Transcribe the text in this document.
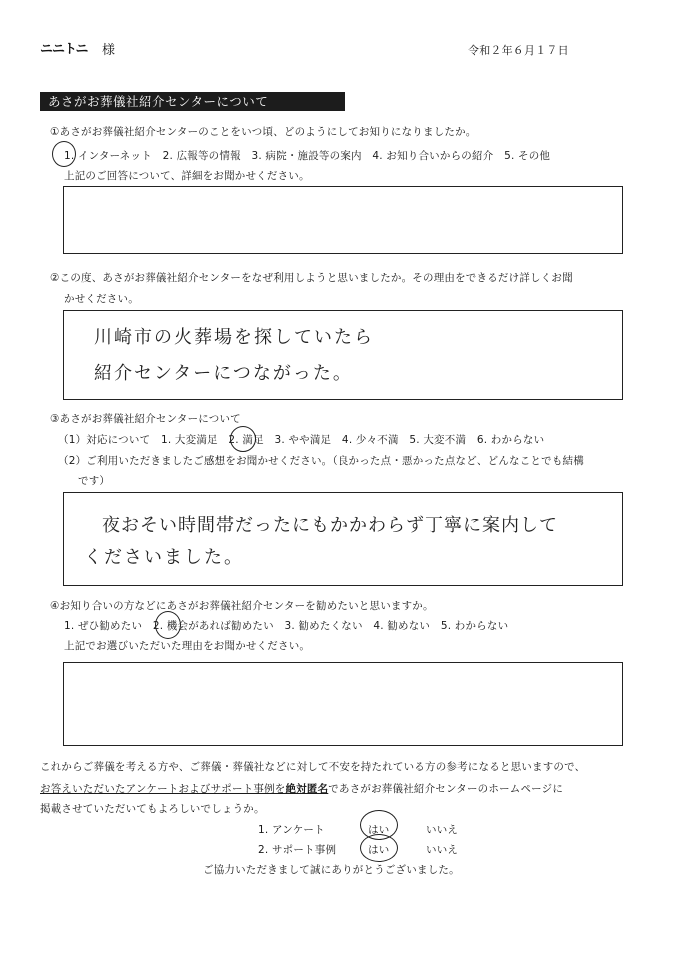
ニニトニ 様	令和２年６月１７日
あさがお葬儀社紹介センターについて
①あさがお葬儀社紹介センターのことをいつ頃、どのようにしてお知りになりましたか。
1. インターネット　2. 広報等の情報　3. 病院・施設等の案内　4. お知り合いからの紹介　5. その他
上記のご回答について、詳細をお聞かせください。
②この度、あさがお葬儀社紹介センターをなぜ利用しようと思いましたか。その理由をできるだけ詳しくお聞
かせください。
川崎市の火葬場を探していたら
紹介センターにつながった。
③あさがお葬儀社紹介センターについて
（1）対応について　1. 大変満足　2. 満足　3. やや満足　4. 少々不満　5. 大変不満　6. わからない
（2）ご利用いただきましたご感想をお聞かせください。（良かった点・悪かった点など、どんなことでも結構
です）
夜おそい時間帯だったにもかかわらず丁寧に案内して
くださいました。
④お知り合いの方などにあさがお葬儀社紹介センターを勧めたいと思いますか。
1. ぜひ勧めたい　2. 機会があれば勧めたい　3. 勧めたくない　4. 勧めない　5. わからない
上記でお選びいただいた理由をお聞かせください。
これからご葬儀を考える方や、ご葬儀・葬儀社などに対して不安を持たれている方の参考になると思いますので、
お答えいただいたアンケートおよびサポート事例を絶対匿名であさがお葬儀社紹介センターのホームページに
掲載させていただいてもよろしいでしょうか。
1. アンケート	はい	いいえ
2. サポート事例	はい	いいえ
ご協力いただきまして誠にありがとうございました。
